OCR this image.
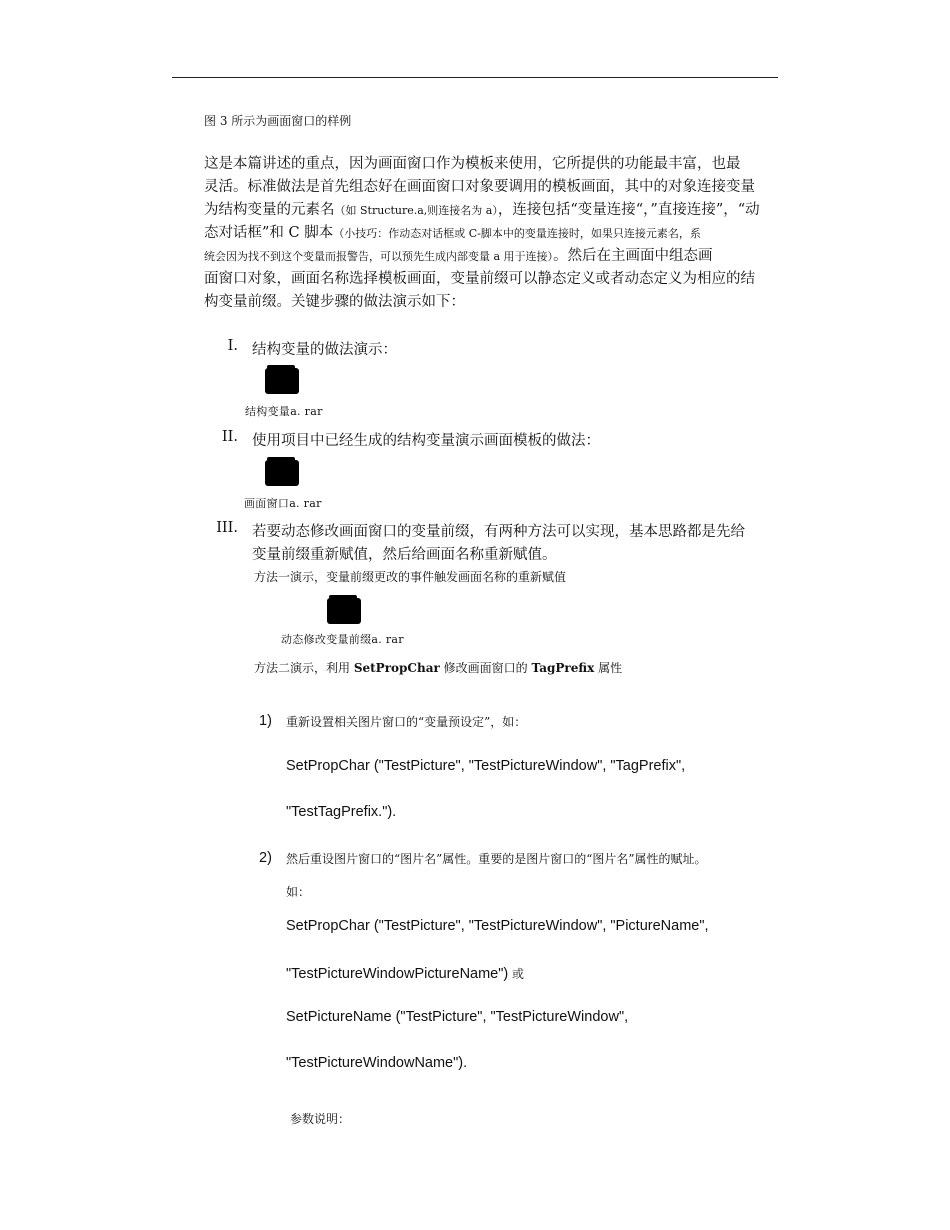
图 3 所示为画面窗口的样例
这是本篇讲述的重点，因为画面窗口作为模板来使用，它所提供的功能最丰富，也最
灵活。标准做法是首先组态好在画面窗口对象要调用的模板画面，其中的对象连接变量
为结构变量的元素名（如 Structure.a,则连接名为 a），连接包括“变量连接“，”直接连接”，“动
态对话框”和 C 脚本（小技巧：作动态对话框或 C-脚本中的变量连接时，如果只连接元素名，系
统会因为找不到这个变量而报警告，可以预先生成内部变量 a 用于连接）。然后在主画面中组态画
面窗口对象，画面名称选择模板画面，变量前缀可以静态定义或者动态定义为相应的结
构变量前缀。关键步骤的做法演示如下：
I. 结构变量的做法演示：
结构变量a. rar
II. 使用项目中已经生成的结构变量演示画面模板的做法：
画面窗口a. rar
III. 若要动态修改画面窗口的变量前缀，有两种方法可以实现，基本思路都是先给
变量前缀重新赋值，然后给画面名称重新赋值。
方法一演示，变量前缀更改的事件触发画面名称的重新赋值
动态修改变量前缀a. rar
方法二演示，利用 SetPropChar 修改画面窗口的 TagPrefix 属性
1) 重新设置相关图片窗口的“变量预设定”，如：
SetPropChar ("TestPicture", "TestPictureWindow", "TagPrefix",
"TestTagPrefix.").
2) 然后重设图片窗口的“图片名”属性。重要的是图片窗口的“图片名”属性的赋址。
如：
SetPropChar ("TestPicture", "TestPictureWindow", "PictureName",
"TestPictureWindowPictureName") 或
SetPictureName ("TestPicture", "TestPictureWindow",
"TestPictureWindowName").
参数说明：
